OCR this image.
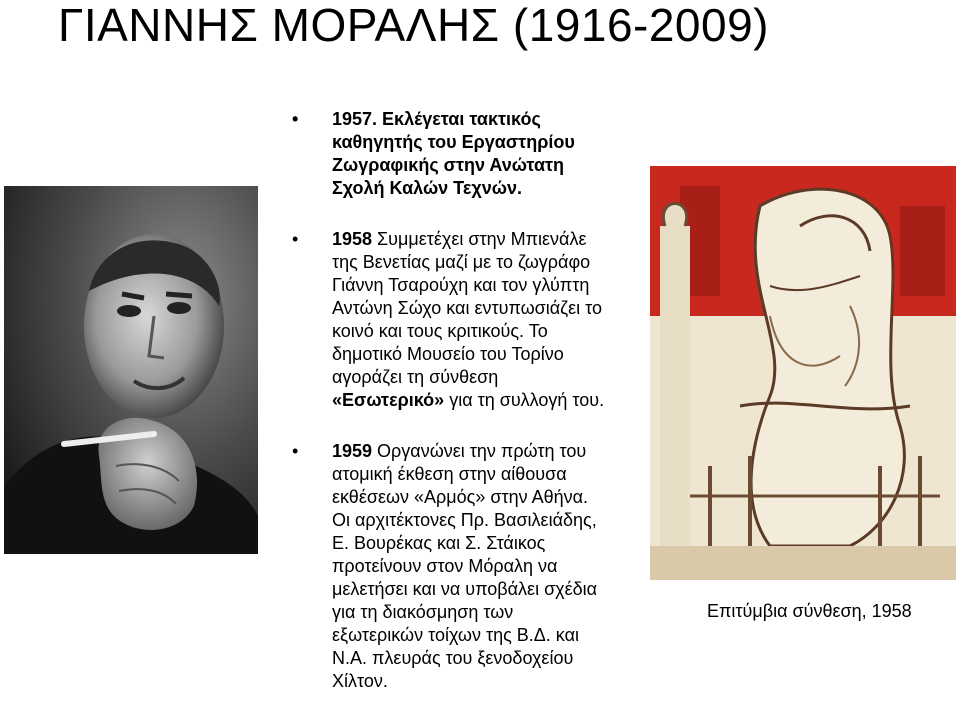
ΓΙΑΝΝΗΣ ΜΟΡΑΛΗΣ (1916-2009)
• 1957. Εκλέγεται τακτικός
καθηγητής του Εργαστηρίου
Ζωγραφικής στην Ανώτατη
Σχολή Καλών Τεχνών.
• 1958 Συμμετέχει στην Μπιενάλε
της Βενετίας μαζί με το ζωγράφο
Γιάννη Τσαρούχη και τον γλύπτη
Αντώνη Σώχο και εντυπωσιάζει το
κοινό και τους κριτικούς. Το
δημοτικό Μουσείο του Τορίνο
αγοράζει τη σύνθεση
«Εσωτερικό» για τη συλλογή του.
• 1959 Οργανώνει την πρώτη του
ατομική έκθεση στην αίθουσα
εκθέσεων «Αρμός» στην Αθήνα.
Οι αρχιτέκτονες Πρ. Βασιλειάδης,
Ε. Βουρέκας και Σ. Στάικος
προτείνουν στον Μόραλη να
μελετήσει και να υποβάλει σχέδια
για τη διακόσμηση των
εξωτερικών τοίχων της Β.Δ. και
Ν.Α. πλευράς του ξενοδοχείου
Χίλτον.
Επιτύμβια σύνθεση, 1958
